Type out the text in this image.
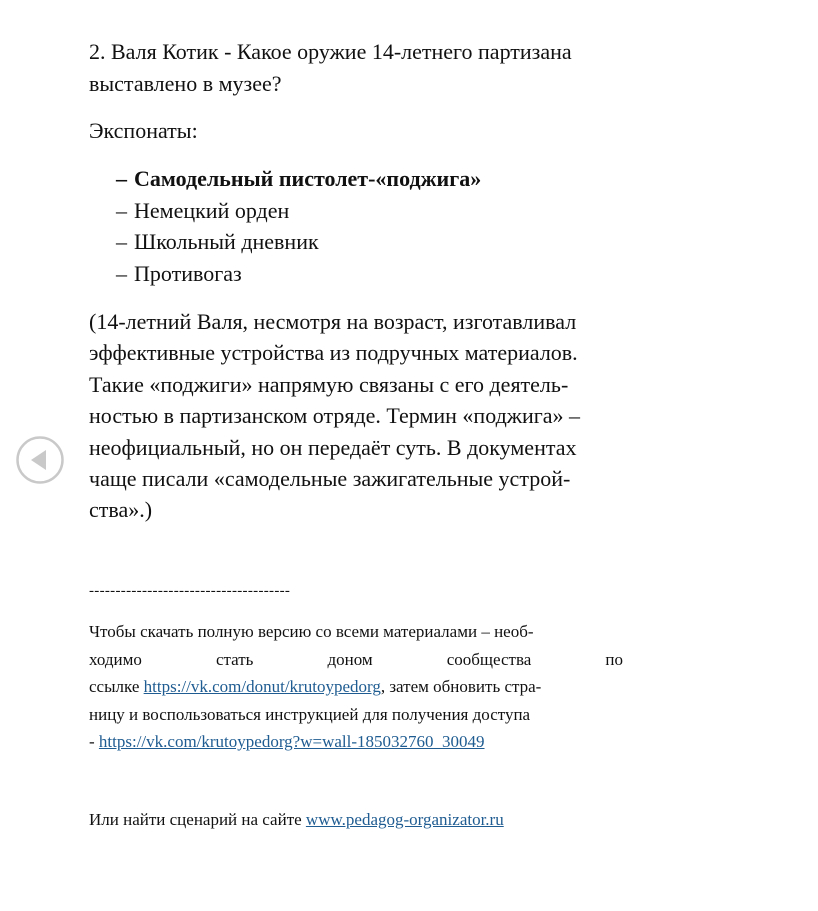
2. Валя Котик - Какое оружие 14-летнего партизана
выставлено в музее?

Экспонаты:

– Самодельный пистолет-«поджига»
– Немецкий орден
– Школьный дневник
– Противогаз

(14-летний Валя, несмотря на возраст, изготавливал
эффективные устройства из подручных материалов.
Такие «поджиги» напрямую связаны с его деятель-
ностью в партизанском отряде. Термин «поджига» –
неофициальный, но он передаёт суть. В документах
чаще писали «самодельные зажигательные устрой-
ства».)

--------------------------------------

Чтобы скачать полную версию со всеми материалами – необ-
ходимо	стать	доном	сообщества	по
ссылке https://vk.com/donut/krutoypedorg, затем обновить стра-
ницу и воспользоваться инструкцией для получения доступа
- https://vk.com/krutoypedorg?w=wall-185032760_30049

Или найти сценарий на сайте www.pedagog-organizator.ru
